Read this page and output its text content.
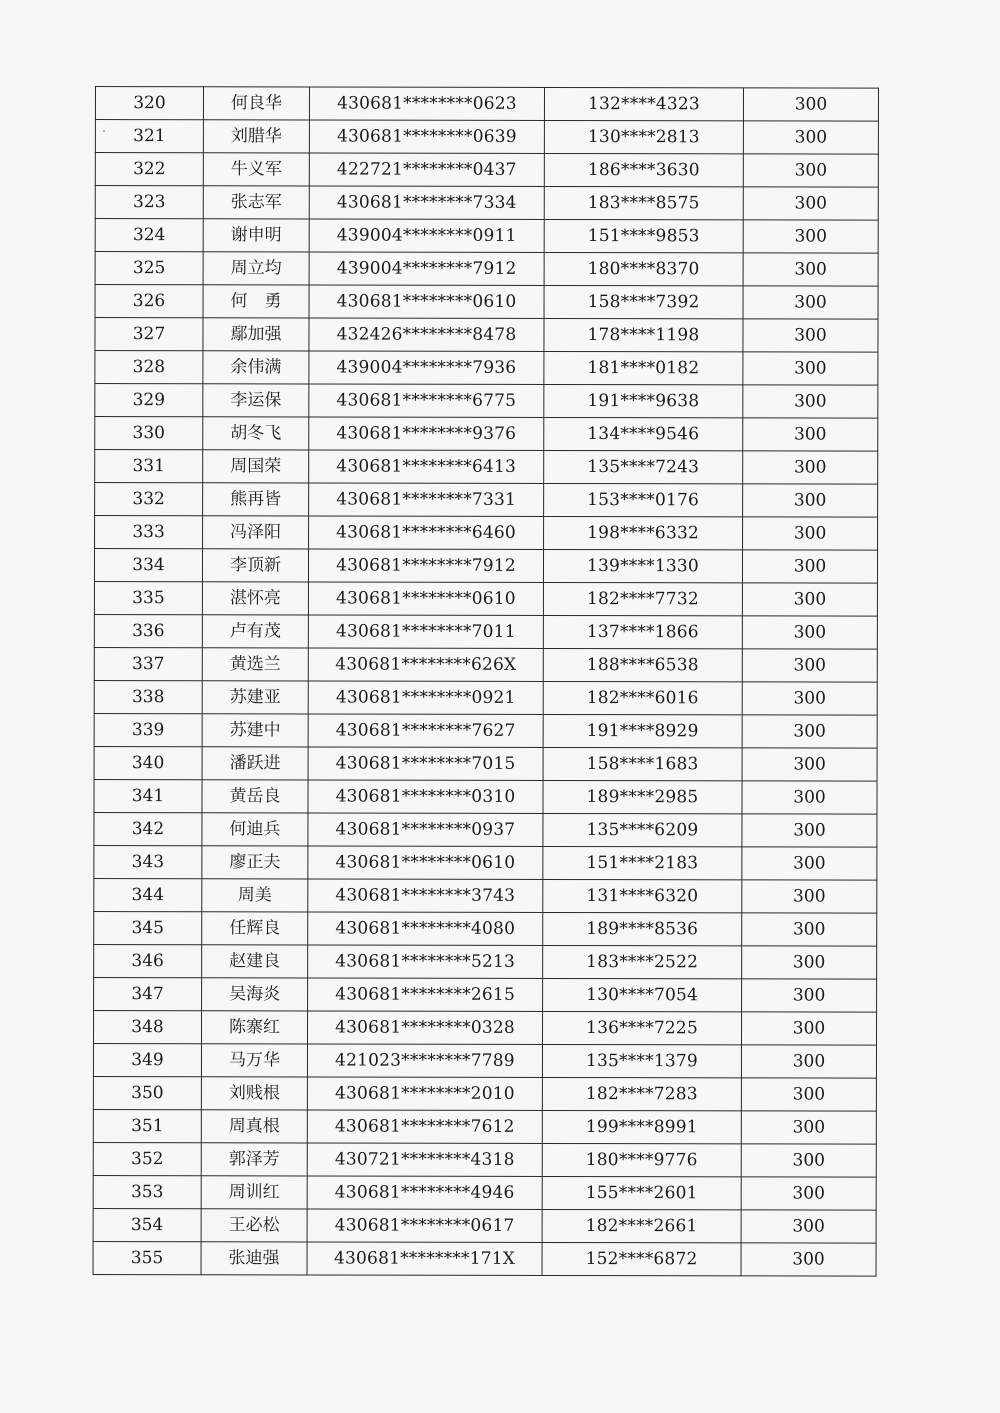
320	何良华	430681********0623	132****4323	300
321	刘腊华	430681********0639	130****2813	300
322	牛义军	422721********0437	186****3630	300
323	张志军	430681********7334	183****8575	300
324	谢申明	439004********0911	151****9853	300
325	周立均	439004********7912	180****8370	300
326	何　勇	430681********0610	158****7392	300
327	鄢加强	432426********8478	178****1198	300
328	余伟满	439004********7936	181****0182	300
329	李运保	430681********6775	191****9638	300
330	胡冬飞	430681********9376	134****9546	300
331	周国荣	430681********6413	135****7243	300
332	熊再皆	430681********7331	153****0176	300
333	冯泽阳	430681********6460	198****6332	300
334	李顶新	430681********7912	139****1330	300
335	湛怀亮	430681********0610	182****7732	300
336	卢有茂	430681********7011	137****1866	300
337	黄选兰	430681********626X	188****6538	300
338	苏建亚	430681********0921	182****6016	300
339	苏建中	430681********7627	191****8929	300
340	潘跃进	430681********7015	158****1683	300
341	黄岳良	430681********0310	189****2985	300
342	何迪兵	430681********0937	135****6209	300
343	廖正夫	430681********0610	151****2183	300
344	周美	430681********3743	131****6320	300
345	任辉良	430681********4080	189****8536	300
346	赵建良	430681********5213	183****2522	300
347	吴海炎	430681********2615	130****7054	300
348	陈寨红	430681********0328	136****7225	300
349	马万华	421023********7789	135****1379	300
350	刘贱根	430681********2010	182****7283	300
351	周真根	430681********7612	199****8991	300
352	郭泽芳	430721********4318	180****9776	300
353	周训红	430681********4946	155****2601	300
354	王必松	430681********0617	182****2661	300
355	张迪强	430681********171X	152****6872	300
